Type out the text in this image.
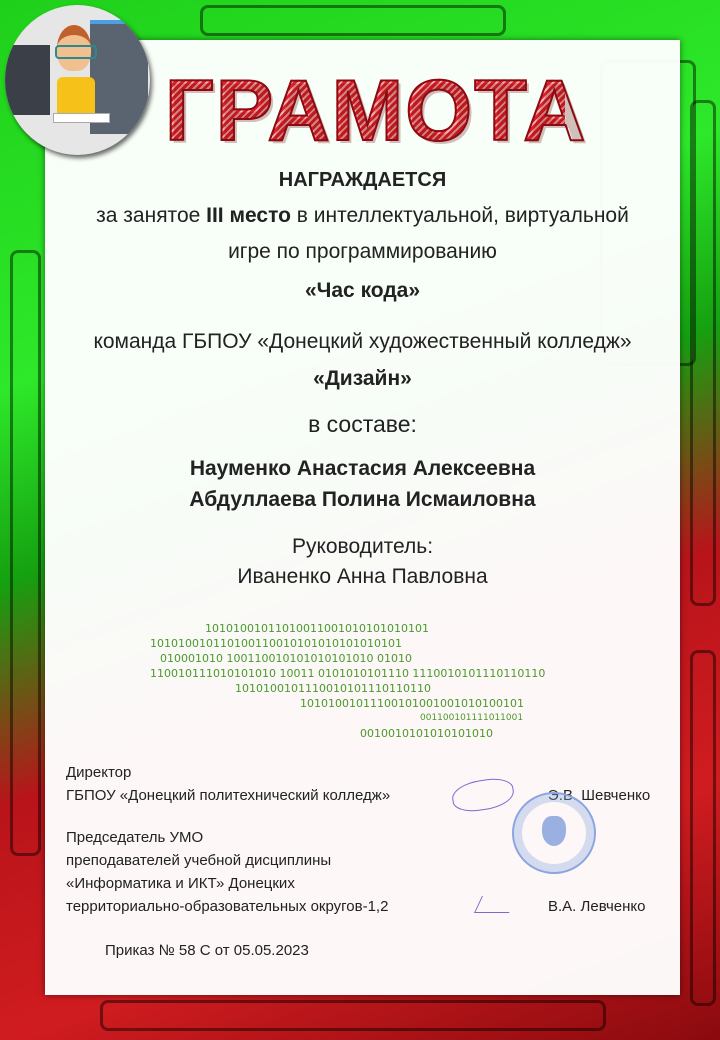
ГРАМОТА
НАГРАЖДАЕТСЯ
за занятое III место в интеллектуальной, виртуальной
игре по программированию
«Час кода»
команда ГБПОУ «Донецкий художественный колледж»
«Дизайн»
в составе:
Науменко Анастасия Алексеевна
Абдуллаева Полина Исмаиловна
Руководитель:
Иваненко Анна Павловна
10101001011010011001010101010101
101010010110100110010101010101010101
010001010 100110010101010101010 01010
110010111010101010 10011 0101010101110 1110010101110110110
1010100101110010101110110110
10101001011100101001001010100101
001100101111011001
0010010101010101010
Директор
ГБПОУ «Донецкий политехнический колледж»	Э.В. Шевченко
Председатель УМО
преподавателей учебной дисциплины
«Информатика и ИКТ» Донецких
территориально-образовательных округов-1,2	В.А. Левченко
Приказ № 58 С от 05.05.2023
